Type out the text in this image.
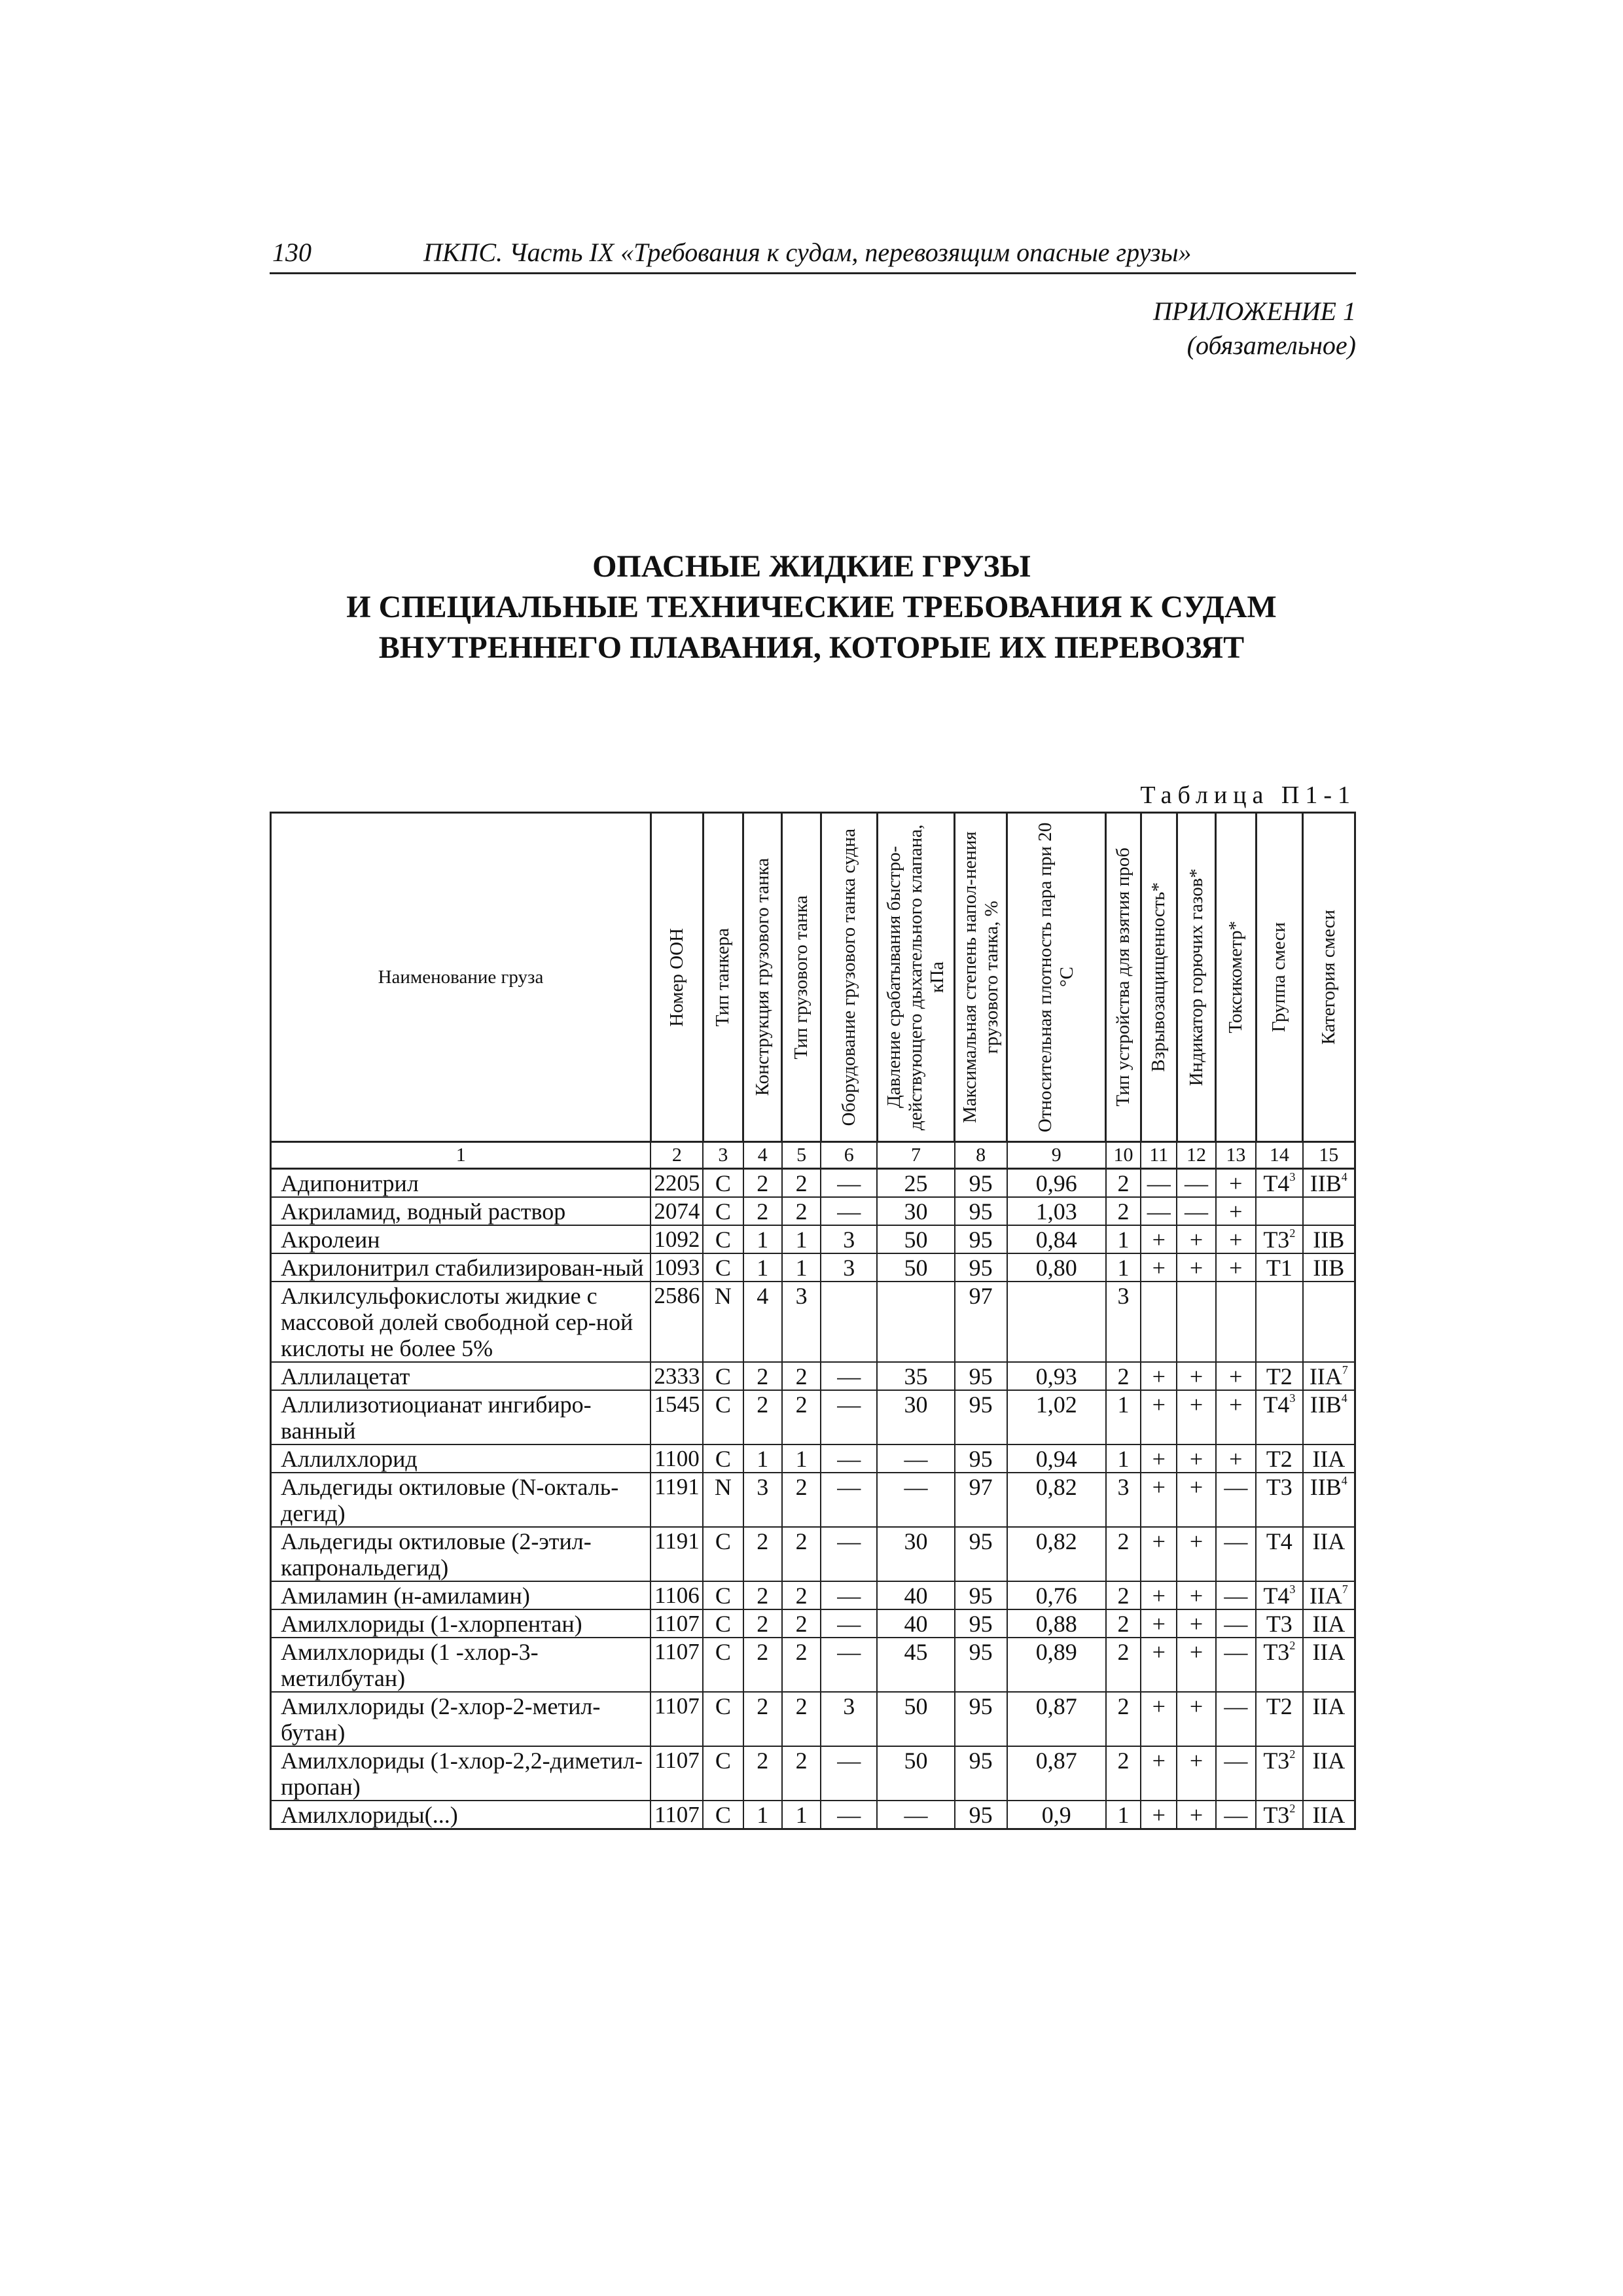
130	ПКПС. Часть IX «Требования к судам, перевозящим опасные грузы»
ПРИЛОЖЕНИЕ 1
(обязательное)
ОПАСНЫЕ ЖИДКИЕ ГРУЗЫ
И СПЕЦИАЛЬНЫЕ ТЕХНИЧЕСКИЕ ТРЕБОВАНИЯ К СУДАМ
ВНУТРЕННЕГО ПЛАВАНИЯ, КОТОРЫЕ ИХ ПЕРЕВОЗЯТ
Таблица П1-1
Наименование груза	Номер ООН	Тип танкера	Конструкция грузового танка	Тип грузового танка	Оборудование грузового танка судна	Давление срабатывания быстро-действующего дыхательного клапана, кПа	Максимальная степень напол-нения грузового танка, %	Относительная плотность пара при 20 °С	Тип устройства для взятия проб	Взрывозащищенность*	Индикатор горючих газов*	Токсикометр*	Группа смеси	Категория смеси

1	2	3	4	5	6	7	8	9	10	11	12	13	14	15
Адипонитрил	2205	C	2	2	—	25	95	0,96	2	—	—	+	$T4^3$	IIB$^4$
Акриламид, водный раствор	2074	C	2	2	—	30	95	1,03	2	—	—	+		
Акролеин	1092	C	1	1	3	50	95	0,84	1	+	+	+	$T3^2$	IIB
Акрилонитрил стабилизирован-ный	1093	C	1	1	3	50	95	0,80	1	+	+	+	T1	IIB
Алкилсульфокислоты жидкие с массовой долей свободной сер-ной кислоты не более 5%	2586	N	4	3			97		3					
Аллилацетат	2333	C	2	2	—	35	95	0,93	2	+	+	+	T2	IIA$^7$
Аллилизотиоцианат ингибиро-ванный	1545	C	2	2	—	30	95	1,02	1	+	+	+	$T4^3$	IIB$^4$
Аллилхлорид	1100	C	1	1	—	—	95	0,94	1	+	+	+	T2	IIA
Альдегиды октиловые (N-окталь-дегид)	1191	N	3	2	—	—	97	0,82	3	+	+	—	T3	IIB$^4$
Альдегиды октиловые (2-этил-капрональдегид)	1191	C	2	2	—	30	95	0,82	2	+	+	—	T4	IIA
Амиламин (н-амиламин)	1106	C	2	2	—	40	95	0,76	2	+	+	—	$T4^3$	IIA$^7$
Амилхлориды (1-хлорпентан)	1107	C	2	2	—	40	95	0,88	2	+	+	—	T3	IIA
Амилхлориды (1 -хлор-3-метилбутан)	1107	C	2	2	—	45	95	0,89	2	+	+	—	$T3^2$	IIA
Амилхлориды (2-хлор-2-метил-бутан)	1107	C	2	2	3	50	95	0,87	2	+	+	—	T2	IIA
Амилхлориды (1-хлор-2,2-диметил-пропан)	1107	C	2	2	—	50	95	0,87	2	+	+	—	$T3^2$	IIA
Амилхлориды(...)	1107	C	1	1	—	—	95	0,9	1	+	+	—	$T3^2$	IIA
